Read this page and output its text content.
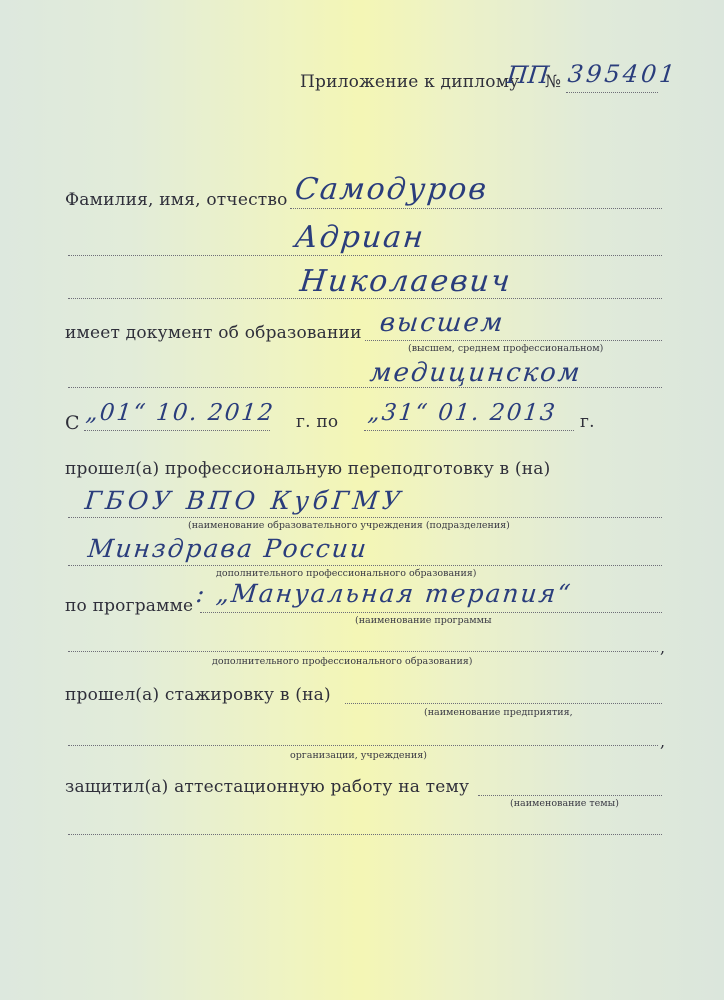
Приложение к диплому
ПП
№ 395401
Фамилия, имя, отчество Самодуров
Адриан
Николаевич
имеет документ об образовании высшем
(высшем, среднем профессиональном)
медицинском
С „01“ 10. 2012 г. по „31“ 01. 2013 г.
прошел(а) профессиональную переподготовку в (на)
ГБОУ ВПО КубГМУ
(наименование образовательного учреждения (подразделения)
Минздрава России
дополнительного профессионального образования)
по программе : „Мануальная терапия“
(наименование программы
,
дополнительного профессионального образования)
прошел(а) стажировку в (на)
(наименование предприятия,
,
организации, учреждения)
защитил(а) аттестационную работу на тему
(наименование темы)
